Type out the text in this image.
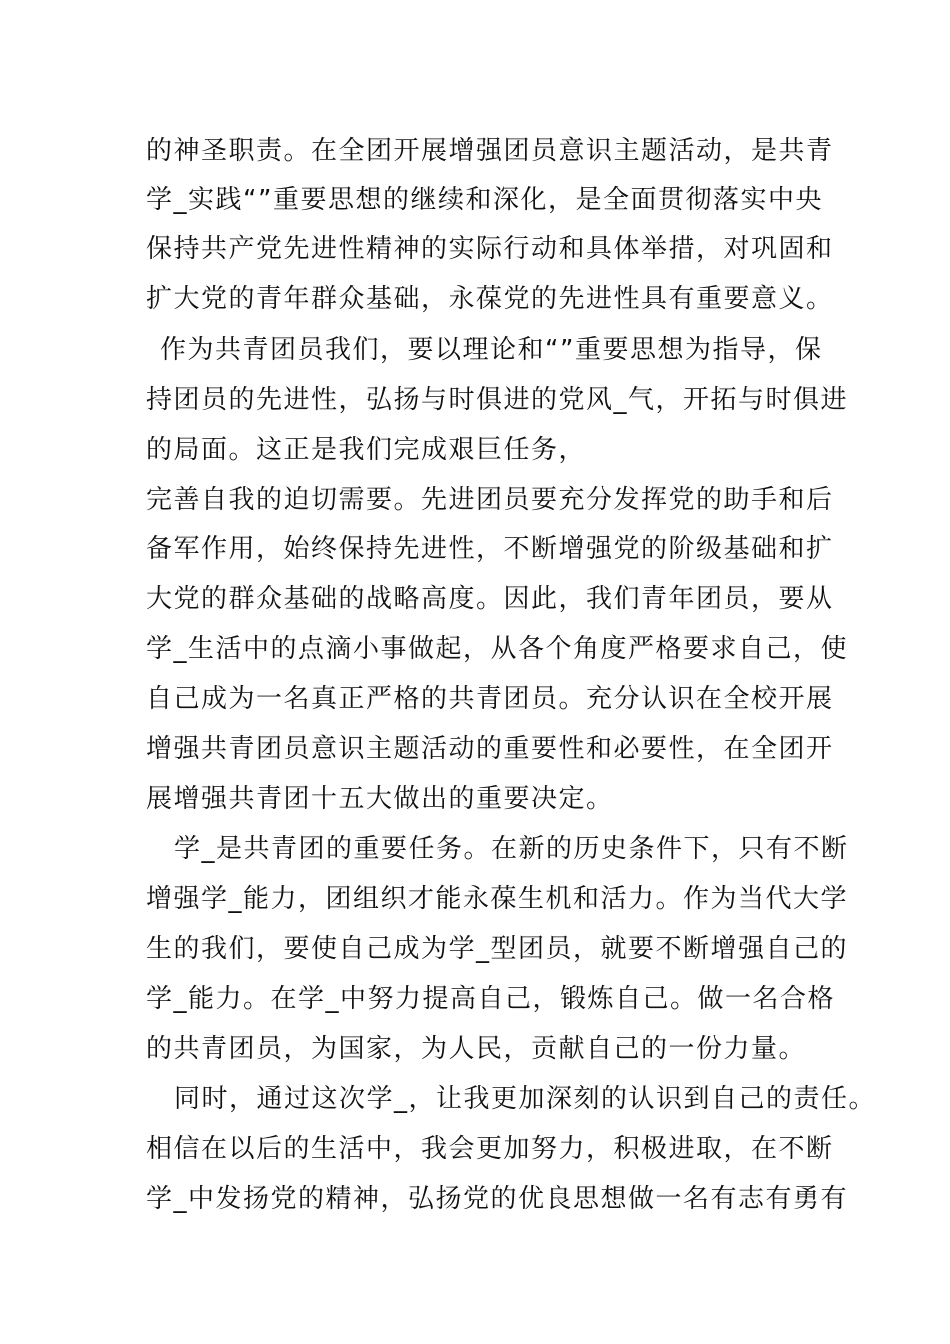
的神圣职责。在全团开展增强团员意识主题活动，是共青
学_实践“”重要思想的继续和深化，是全面贯彻落实中央
保持共产党先进性精神的实际行动和具体举措，对巩固和
扩大党的青年群众基础，永葆党的先进性具有重要意义。
作为共青团员我们，要以理论和“”重要思想为指导，保
持团员的先进性，弘扬与时俱进的党风_气，开拓与时俱进
的局面。这正是我们完成艰巨任务，
完善自我的迫切需要。先进团员要充分发挥党的助手和后
备军作用，始终保持先进性，不断增强党的阶级基础和扩
大党的群众基础的战略高度。因此，我们青年团员，要从
学_生活中的点滴小事做起，从各个角度严格要求自己，使
自己成为一名真正严格的共青团员。充分认识在全校开展
增强共青团员意识主题活动的重要性和必要性，在全团开
展增强共青团十五大做出的重要决定。
学_是共青团的重要任务。在新的历史条件下，只有不断
增强学_能力，团组织才能永葆生机和活力。作为当代大学
生的我们，要使自己成为学_型团员，就要不断增强自己的
学_能力。在学_中努力提高自己，锻炼自己。做一名合格
的共青团员，为国家，为人民，贡献自己的一份力量。
同时，通过这次学_，让我更加深刻的认识到自己的责任。
相信在以后的生活中，我会更加努力，积极进取，在不断
学_中发扬党的精神，弘扬党的优良思想做一名有志有勇有
